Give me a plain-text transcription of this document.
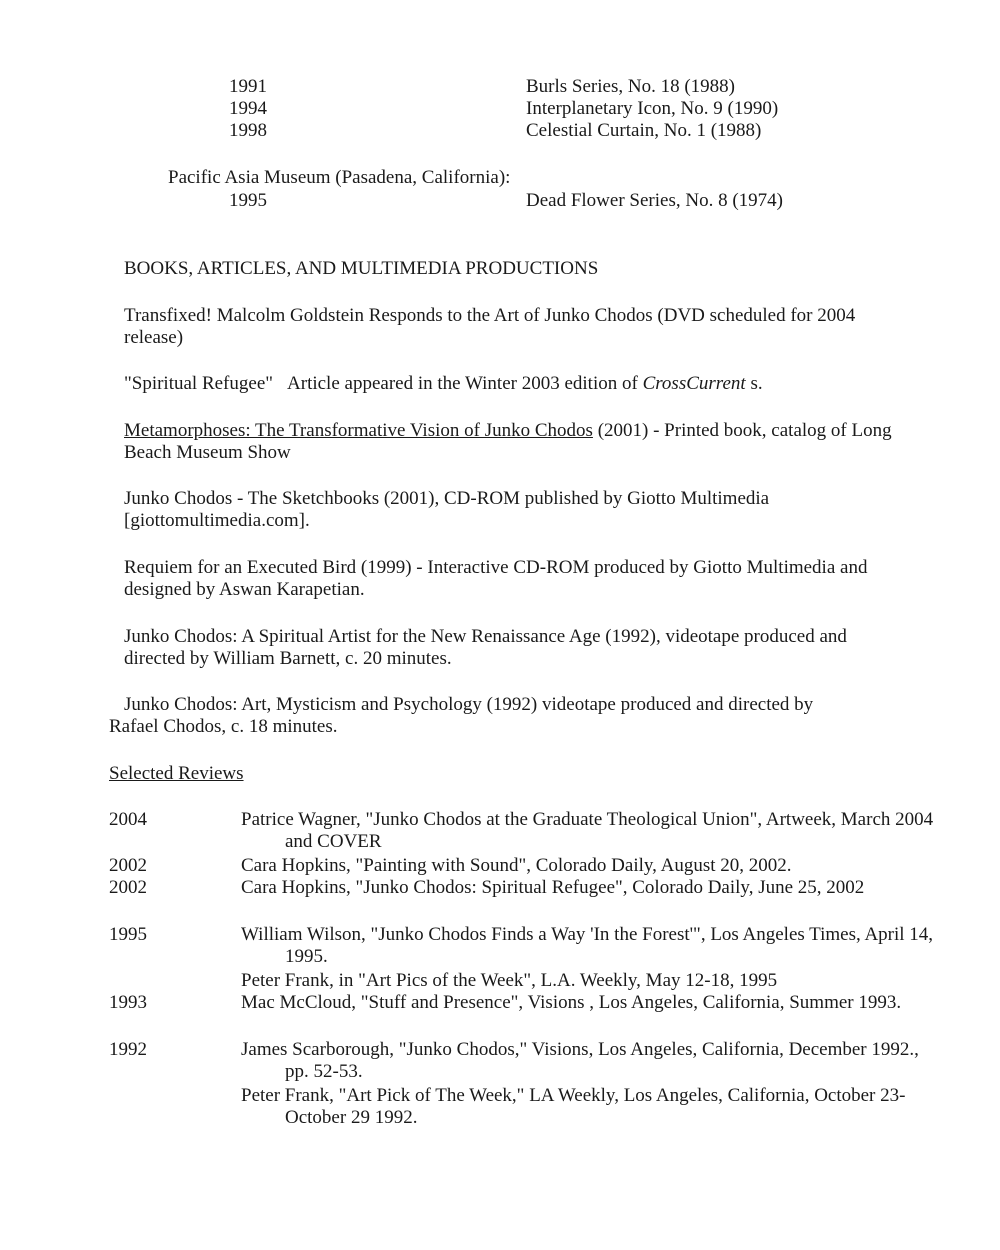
1991	Burls Series, No. 18 (1988)
1994	Interplanetary Icon, No. 9 (1990)
1998	Celestial Curtain, No. 1 (1988)
Pacific Asia Museum (Pasadena, California):
1995	Dead Flower Series, No. 8 (1974)
BOOKS, ARTICLES, AND MULTIMEDIA PRODUCTIONS
Transfixed! Malcolm Goldstein Responds to the Art of Junko Chodos (DVD scheduled for 2004 release)
"Spiritual Refugee" Article appeared in the Winter 2003 edition of CrossCurrent s.
Metamorphoses: The Transformative Vision of Junko Chodos (2001) - Printed book, catalog of Long Beach Museum Show
Junko Chodos - The Sketchbooks (2001), CD-ROM published by Giotto Multimedia [giottomultimedia.com].
Requiem for an Executed Bird (1999) - Interactive CD-ROM produced by Giotto Multimedia and designed by Aswan Karapetian.
Junko Chodos: A Spiritual Artist for the New Renaissance Age (1992), videotape produced and directed by William Barnett, c. 20 minutes.
Junko Chodos: Art, Mysticism and Psychology (1992) videotape produced and directed by
Rafael Chodos, c. 18 minutes.
Selected Reviews
2004	Patrice Wagner, "Junko Chodos at the Graduate Theological Union", Artweek, March 2004 and COVER
2002	Cara Hopkins, "Painting with Sound", Colorado Daily, August 20, 2002.
2002	Cara Hopkins, "Junko Chodos: Spiritual Refugee", Colorado Daily, June 25, 2002
1995	William Wilson, "Junko Chodos Finds a Way 'In the Forest'", Los Angeles Times, April 14, 1995.
Peter Frank, in "Art Pics of the Week", L.A. Weekly, May 12-18, 1995
1993	Mac McCloud, "Stuff and Presence", Visions , Los Angeles, California, Summer 1993.
1992	James Scarborough, "Junko Chodos," Visions, Los Angeles, California, December 1992., pp. 52-53.
Peter Frank, "Art Pick of The Week," LA Weekly, Los Angeles, California, October 23-October 29 1992.
